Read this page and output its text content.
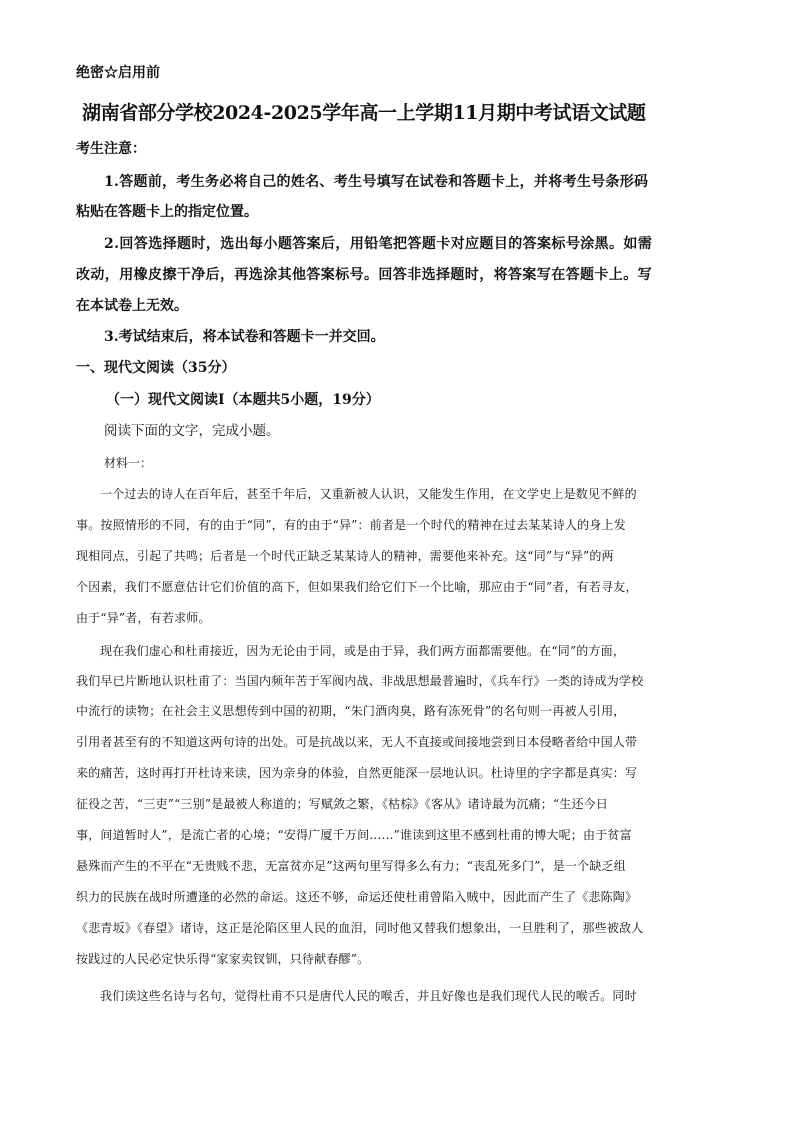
绝密☆启用前
湖南省部分学校2024-2025学年高一上学期11月期中考试语文试题
考生注意：
1.答题前，考生务必将自己的姓名、考生号填写在试卷和答题卡上，并将考生号条形码
粘贴在答题卡上的指定位置。
2.回答选择题时，选出每小题答案后，用铅笔把答题卡对应题目的答案标号涂黑。如需
改动，用橡皮擦干净后，再选涂其他答案标号。回答非选择题时，将答案写在答题卡上。写
在本试卷上无效。
3.考试结束后，将本试卷和答题卡一并交回。
一、现代文阅读（35分）
（一）现代文阅读Ⅰ（本题共5小题，19分）
阅读下面的文字，完成小题。
材料一：
一个过去的诗人在百年后，甚至千年后，又重新被人认识，又能发生作用，在文学史上是数见不鲜的
事。按照情形的不同，有的由于“同”，有的由于“异”：前者是一个时代的精神在过去某某诗人的身上发
现相同点，引起了共鸣；后者是一个时代正缺乏某某诗人的精神，需要他来补充。这“同”与“异”的两
个因素，我们不愿意估计它们价值的高下，但如果我们给它们下一个比喻，那应由于“同”者，有若寻友，
由于“异”者，有若求师。
现在我们虚心和杜甫接近，因为无论由于同，或是由于异，我们两方面都需要他。在“同”的方面，
我们早已片断地认识杜甫了：当国内频年苦于军阀内战、非战思想最普遍时，《兵车行》一类的诗成为学校
中流行的读物；在社会主义思想传到中国的初期，“朱门酒肉臭，路有冻死骨”的名句则一再被人引用，
引用者甚至有的不知道这两句诗的出处。可是抗战以来，无人不直接或间接地尝到日本侵略者给中国人带
来的痛苦，这时再打开杜诗来读，因为亲身的体验，自然更能深一层地认识。杜诗里的字字都是真实：写
征役之苦，“三吏”“三别”是最被人称道的；写赋敛之繁，《枯棕》《客从》诸诗最为沉痛；“生还今日
事，间道暂时人”，是流亡者的心境；“安得广厦千万间……”谁读到这里不感到杜甫的博大呢；由于贫富
悬殊而产生的不平在“无贵贱不悲，无富贫亦足”这两句里写得多么有力；“丧乱死多门”，是一个缺乏组
织力的民族在战时所遭逢的必然的命运。这还不够，命运还使杜甫曾陷入贼中，因此而产生了《悲陈陶》
《悲青坂》《春望》诸诗，这正是沦陷区里人民的血泪，同时他又替我们想象出，一旦胜利了，那些被敌人
按践过的人民必定快乐得“家家卖钗钏，只待献春醪”。
我们读这些名诗与名句，觉得杜甫不只是唐代人民的喉舌，并且好像也是我们现代人民的喉舌。同时
